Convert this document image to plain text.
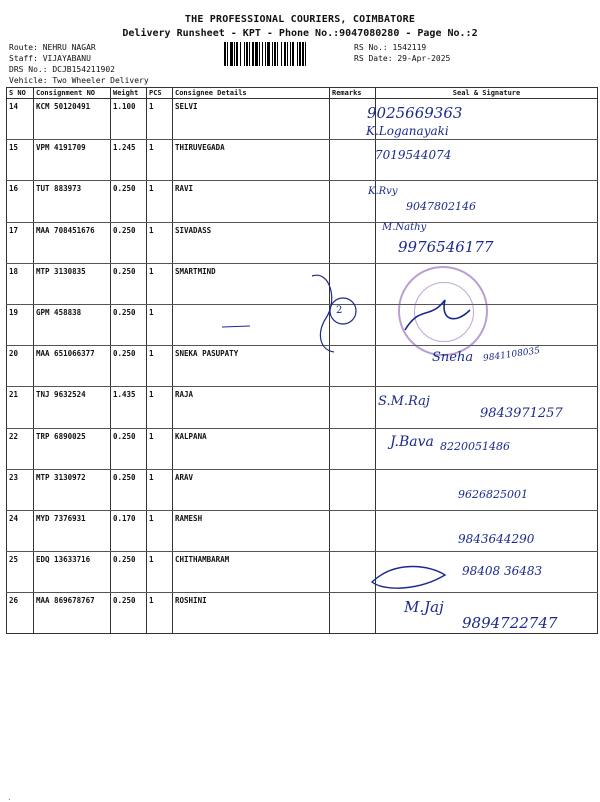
THE PROFESSIONAL COURIERS, COIMBATORE
Delivery Runsheet - KPT - Phone No.:9047080280 - Page No.:2
Route: NEHRU NAGAR
Staff: VIJAYABANU
DRS No.: DCJB154211902
Vehicle: Two Wheeler Delivery
RS No.: 1542119
RS Date: 29-Apr-2025
S NO	Consignment NO	Weight	PCS	Consignee Details	Remarks	Seal & Signature
14	KCM 50120491	1.100	1	SELVI		
15	VPM 4191709	1.245	1	THIRUVEGADA		
16	TUT 883973	0.250	1	RAVI		
17	MAA 708451676	0.250	1	SIVADASS		
18	MTP 3130835	0.250	1	SMARTMIND		
19	GPM 458838	0.250	1			
20	MAA 651066377	0.250	1	SNEKA PASUPATY		
21	TNJ 9632524	1.435	1	RAJA		
22	TRP 6890025	0.250	1	KALPANA		
23	MTP 3130972	0.250	1	ARAV		
24	MYD 7376931	0.170	1	RAMESH		
25	EDQ 13633716	0.250	1	CHITHAMBARAM		
26	MAA 869678767	0.250	1	ROSHINI		
9025669363
K.Loganayaki
7019544074
K.Rvy
9047802146
M.Nathy
9976546177
2
Sneha 9841108035
S.M.Raj
9843971257
J.Bava 8220051486
9626825001
9843644290
98408 36483
M.Jaj
9894722747
.
